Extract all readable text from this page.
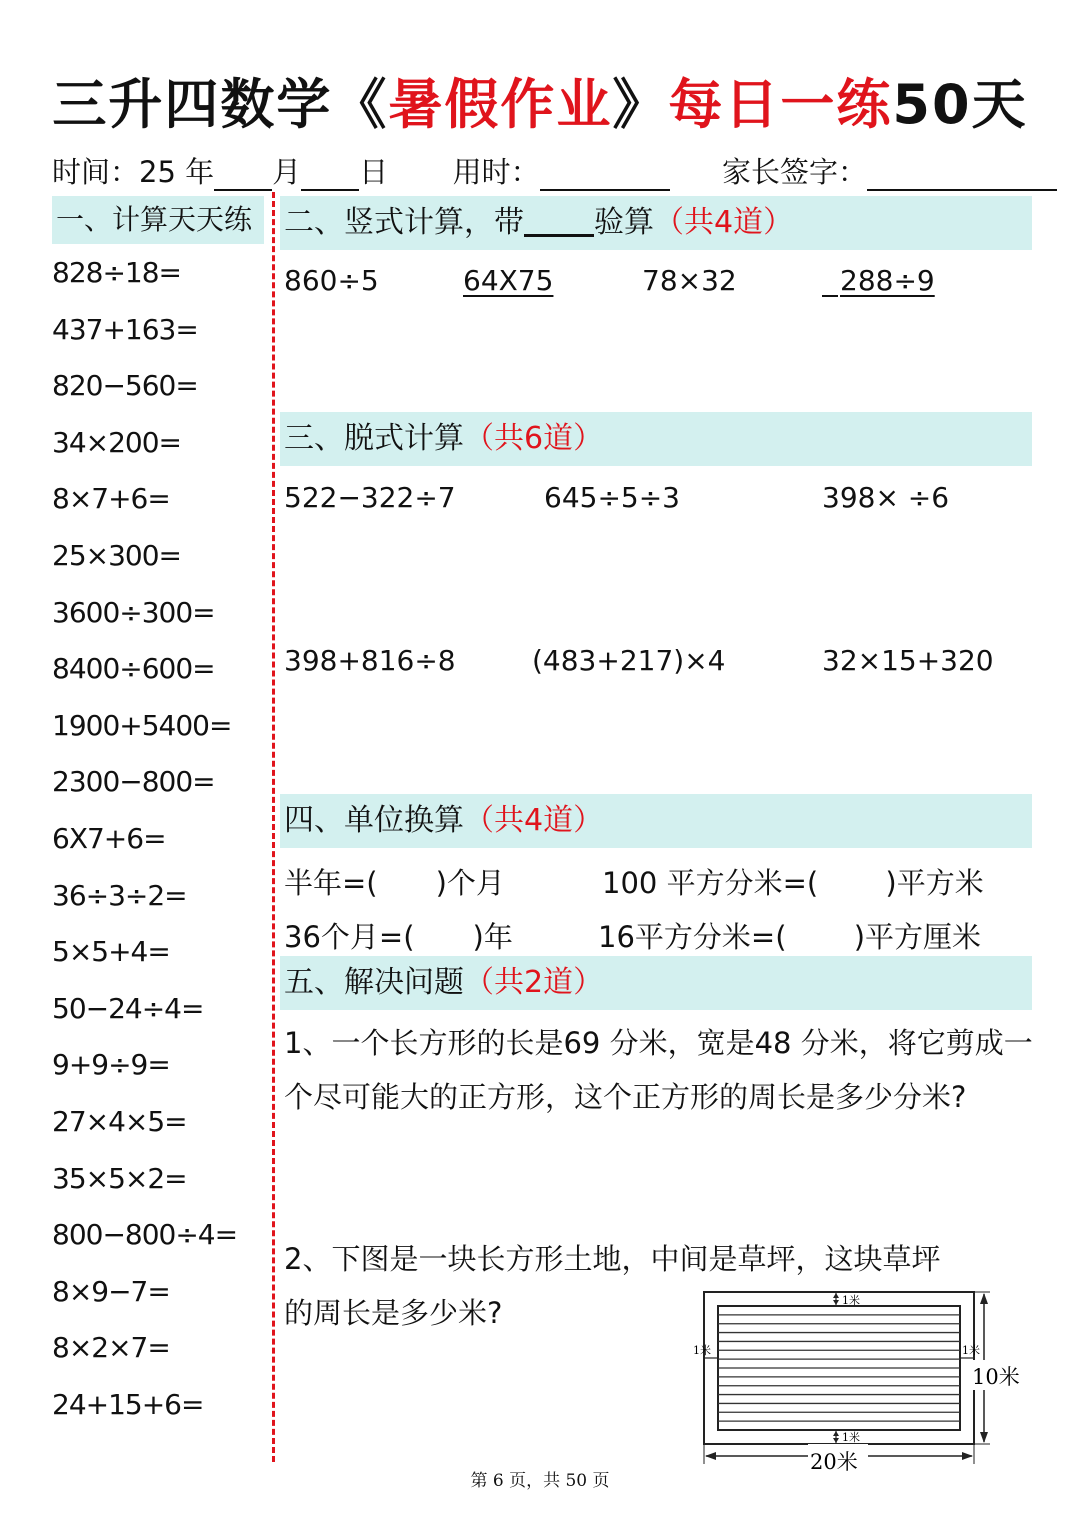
三升四数学《暑假作业》每日一练50天
时间：25 年 月 日 用时：	家长签字：
一、计算天天练
828÷18=
437+163=
820−560=
34×200=
8×7+6=
25×300=
3600÷300=
8400÷600=
1900+5400=
2300−800=
6X7+6=
36÷3÷2=
5×5+4=
50−24÷4=
9+9÷9=
27×4×5=
35×5×2=
800−800÷4=
8×9−7=
8×2×7=
24+15+6=
二、竖式计算，带 验算（共4道）
860÷5	64X75	78×32	288÷9
三、脱式计算（共6道）
522−322÷7	645÷5÷3	398× ÷6
398+816÷8	(483+217)×4	32×15+320
四、单位换算（共4道）
半年=(　　)个月	100 平方分米=(　　 )平方米
36个月=(　　)年	16平方分米=(　　 )平方厘米
五、解决问题（共2道）
1、一个长方形的长是69 分米，宽是48 分米，将它剪成一
个尽可能大的正方形，这个正方形的周长是多少分米?
2、下图是一块长方形土地，中间是草坪，这块草坪
的周长是多少米?	1米
1米
1米	1米
10米
20米
第 6 页，共 50 页
